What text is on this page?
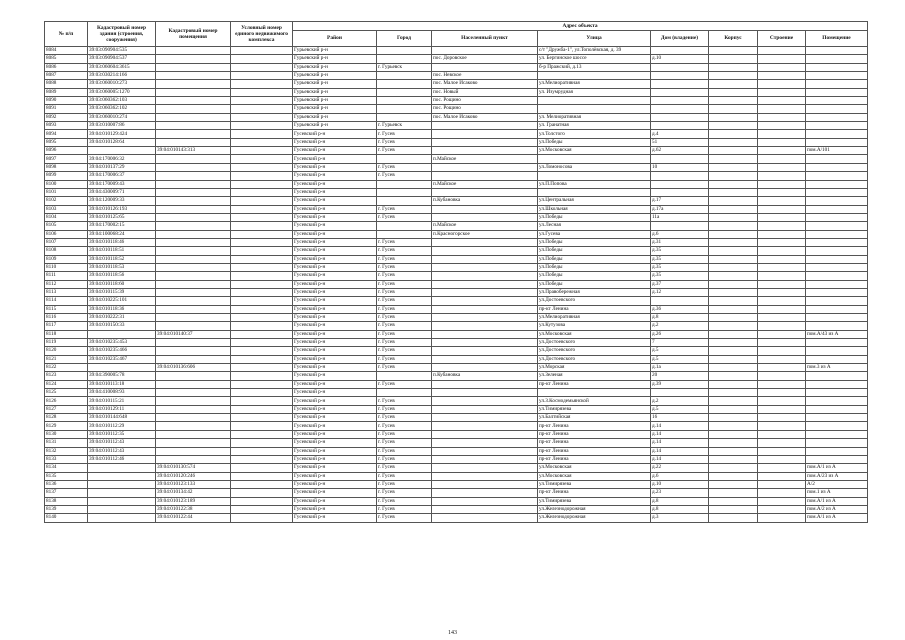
№ п/п	Кадастровый номер здания (строения, сооружения)	Кадастровый номер помещения	Условный номер единого недвижимого комплекса	Адрес объекта							
				Район	Город	Населенный пункт	Улица	Дом (владение)	Корпус	Строение	Помещение
8084	39:03:090904:535			Гурьевский р-н			с/т "Дружба-1", ул.Тополёвская, д. 39				
8085	39:03:090904:537			Гурьевский р-н		пос. Доровское	ул. Бергинское шоссе	д.10			
8086	39:03:060604:3615			Гурьевский р-н	г. Гурьевск		б-р Пражский, д.13				
8087	39:03:030214:166			Гурьевский р-н		пос. Невское					
8088	39:03:060010:273			Гурьевский р-н		пос. Малое Исаково	ул.Мелиоративная				
8089	39:03:060005:1270			Гурьевский р-н		пос. Новый	ул. Изумрудная				
8090	39:03:060362:103			Гурьевский р-н		пос. Рощино					
8091	39:03:060362:102			Гурьевский р-н		пос. Рощино					
8092	39:03:060010:274			Гурьевский р-н		пос. Малое Исаково	ул. Мелиоративная				
8093	39:03:010007:86			Гурьевский р-н	г. Гурьевск		ул. Гранатная				
8094	39:04:010129:424			Гусевский р-н	г. Гусев		ул.Толстого	д.4			
8095	39:04:010128:64			Гусевский р-н	г. Гусев		ул.Победы	51			
8096		39:04:010143:313		Гусевский р-н	г. Гусев		ул.Московская	д.62			пом.А/101
8097	39:04:170006:32			Гусевский р-н		п.Майское					
8098	39:04:010137:29			Гусевский р-н	г. Гусев		ул.Ломоносова	10			
8099	39:04:170006:37			Гусевский р-н	г. Гусев						
8100	39:04:170009:43			Гусевский р-н		п.Майское	ул.П.Попова				
8101	39:04:430009:71			Гусевский р-н							
8102	39:04:120009:33			Гусевский р-н		п.Кубановка	ул.Центральная	д.17			
8103	39:04:010126:193			Гусевский р-н	г. Гусев		ул.Школьная	д.17а			
8104	39:04:010125:65			Гусевский р-н	г. Гусев		ул.Победы	11а			
8105	39:04:170002:15			Гусевский р-н		п.Майское	ул.Лесная				
8106	39:04:100068:24			Гусевский р-н		п.Красногорское	ул.Гусева	д.6			
8107	39:04:010118:46			Гусевский р-н	г. Гусев		ул.Победы	д.31			
8108	39:04:010118:51			Гусевский р-н	г. Гусев		ул.Победы	д.35			
8109	39:04:010118:52			Гусевский р-н	г. Гусев		ул.Победы	д.35			
8110	39:04:010118:53			Гусевский р-н	г. Гусев		ул.Победы	д.35			
8111	39:04:010118:56			Гусевский р-н	г. Гусев		ул.Победы	д.35			
8112	39:04:010118:60			Гусевский р-н	г. Гусев		ул.Победы	д.37			
8113	39:04:010115:39			Гусевский р-н	г. Гусев		ул.Правобережная	д.12			
8114	39:04:010225:101			Гусевский р-н	г. Гусев		ул.Достоевского				
8115	39:04:010118:36			Гусевский р-н	г. Гусев		пр-кт Ленина	д.36			
8116	39:04:010222:31			Гусевский р-н	г. Гусев		ул.Мелиоративная	д.8			
8117	39:04:010150:33			Гусевский р-н	г. Гусев		ул.Кутузова	д.2			
8118		39:04:010140:37		Гусевский р-н	г. Гусев		ул.Московская	д.26			пом.А/43 из А
8119	39:04:010235:453			Гусевский р-н	г. Гусев		ул.Достоевского	7			
8120	39:04:010235:466			Гусевский р-н	г. Гусев		ул.Достоевского	д.5			
8121	39:04:010235:467			Гусевский р-н	г. Гусев		ул.Достоевского	д.5			
8122		39:04:010136:606		Гусевский р-н	г. Гусев		ул.Морская	д.1а			пом.3 из А
8123	39:04:390005:78			Гусевский р-н		п.Кубановка	ул.Зеленая	20			
8124	39:04:010113:18			Гусевский р-н	г. Гусев		пр-кт Ленина	д.39			
8125	39:04:410008:93			Гусевский р-н							
8126	39:04:010115:21			Гусевский р-н	г. Гусев		ул.З.Космодемьянской	д.2			
8127	39:04:010129:11			Гусевский р-н	г. Гусев		ул.Тимирязева	д.5			
8128	39:04:010144:648			Гусевский р-н	г. Гусев		ул.Балтийская	16			
8129	39:04:010112:29			Гусевский р-н	г. Гусев		пр-кт Ленина	д.14			
8130	39:04:010112:35			Гусевский р-н	г. Гусев		пр-кт Ленина	д.14			
8131	39:04:010112:43			Гусевский р-н	г. Гусев		пр-кт Ленина	д.14			
8132	39:04:010112:43			Гусевский р-н	г. Гусев		пр-кт Ленина	д.14			
8133	39:04:010112:46			Гусевский р-н	г. Гусев		пр-кт Ленина	д.14			
8134		39:04:010130:574		Гусевский р-н	г. Гусев		ул.Московская	д.22			пом.А/1 из А
8135		39:04:010120:246		Гусевский р-н	г. Гусев		ул.Московская	д.6			пом.А/23 из А
8136		39:04:010123:133		Гусевский р-н	г. Гусев		ул.Тимирязева	д.10			А/2
8137		39:04:010134:42		Гусевский р-н	г. Гусев		пр-кт Ленина	д.23			пом.1 из А
8138		39:04:010123:189		Гусевский р-н	г. Гусев		ул.Тимирязева	д.8			пом.А/1 из А
8139		39:04:010122:38		Гусевский р-н	г. Гусев		ул.Железнодорожная	д.8			пом.А/2 из А
8140		39:04:010122:44		Гусевский р-н	г. Гусев		ул.Железнодорожная	д.3			пом.А/1 из А
143
